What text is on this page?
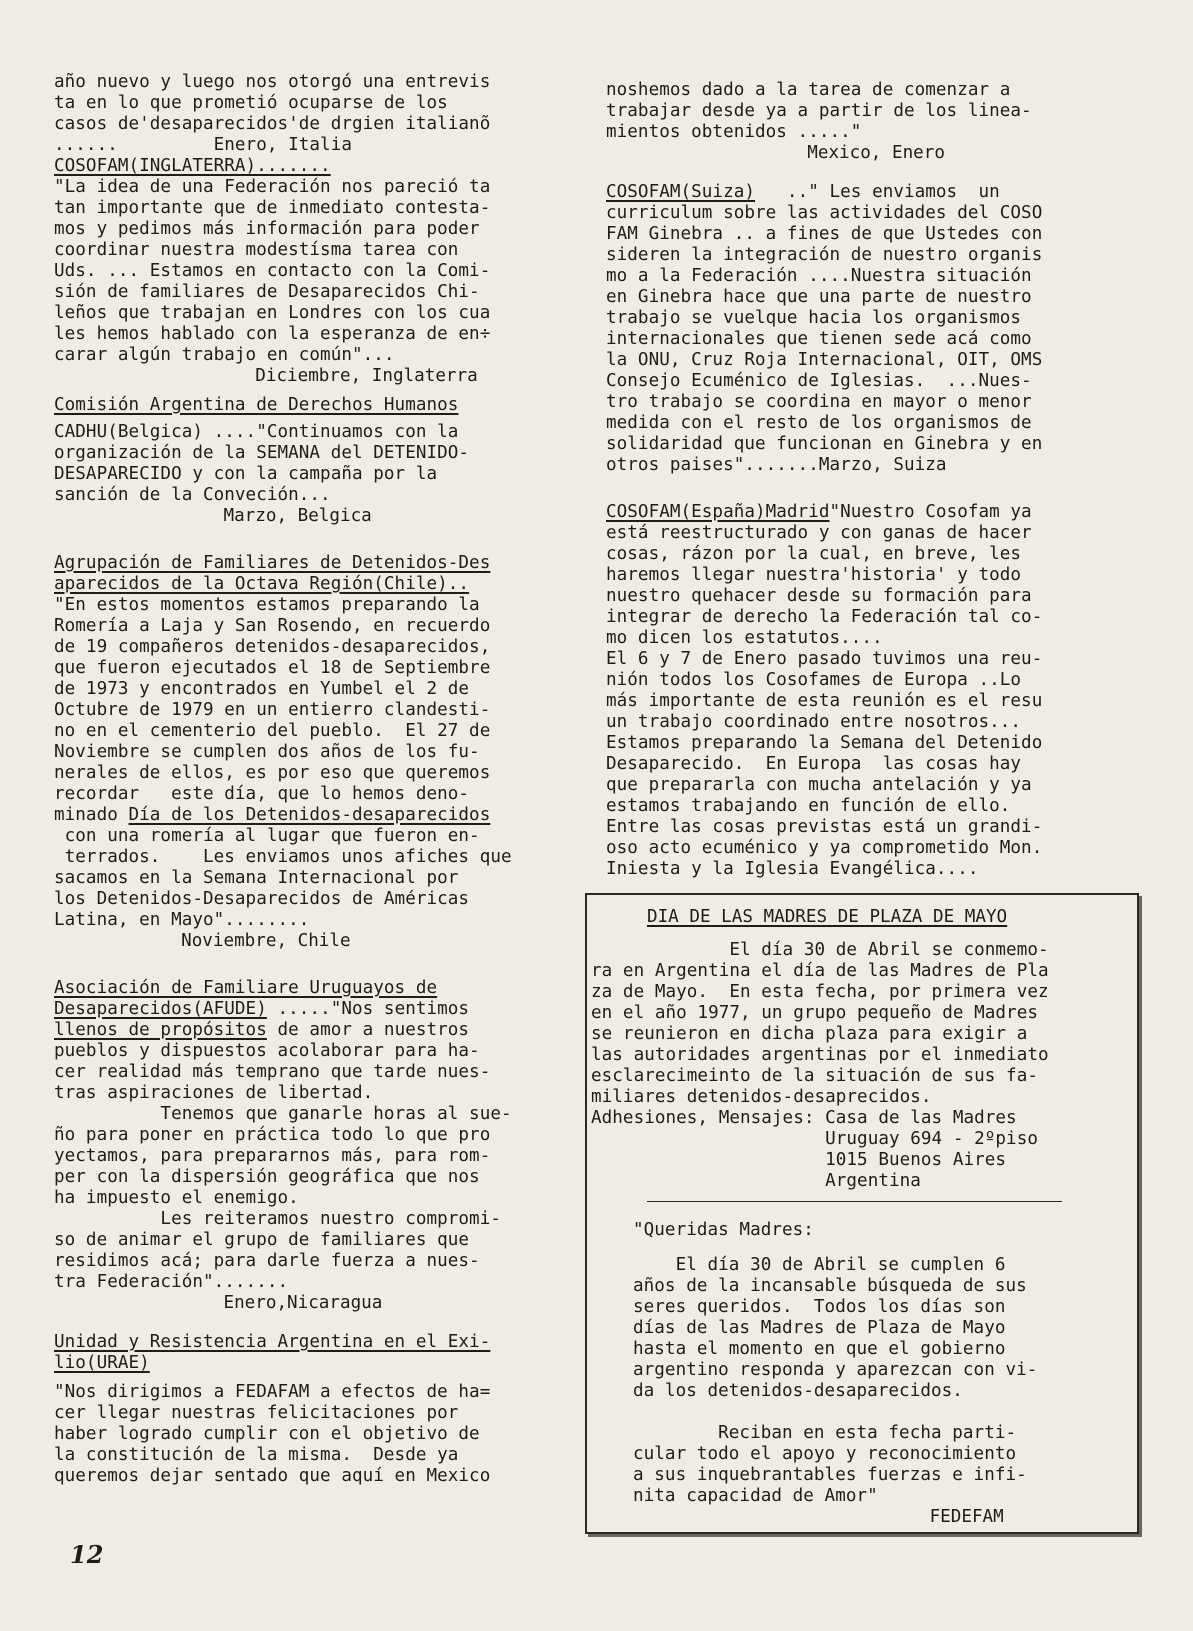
año nuevo y luego nos otorgó una entrevis

ta en lo que prometió ocuparse de los

casos de'desaparecidos'de drgien italianõ

......         Enero, Italia

COSOFAM(INGLATERRA).......

"La idea de una Federación nos pareció ta

tan importante que de inmediato contesta-

mos y pedimos más información para poder

coordinar nuestra modestísma tarea con

Uds. ... Estamos en contacto con la Comi-

sión de familiares de Desaparecidos Chi-

leños que trabajan en Londres con los cua

les hemos hablado con la esperanza de en÷

carar algún trabajo en común"...

Diciembre, Inglaterra

Comisión Argentina de Derechos Humanos

CADHU(Belgica) ...."Continuamos con la

organización de la SEMANA del DETENIDO-

DESAPARECIDO y con la campaña por la

sanción de la Conveción...

Marzo, Belgica

Agrupación de Familiares de Detenidos-Des

aparecidos de la Octava Región(Chile)..

"En estos momentos estamos preparando la

Romería a Laja y San Rosendo, en recuerdo

de 19 compañeros detenidos-desaparecidos,

que fueron ejecutados el 18 de Septiembre

de 1973 y encontrados en Yumbel el 2 de

Octubre de 1979 en un entierro clandesti-

no en el cementerio del pueblo.  El 27 de

Noviembre se cumplen dos años de los fu-

nerales de ellos, es por eso que queremos

recordar   este día, que lo hemos deno-

minado Día de los Detenidos-desaparecidos

con una romería al lugar que fueron en-

terrados.    Les enviamos unos afiches que

sacamos en la Semana Internacional por

los Detenidos-Desaparecidos de Américas

Latina, en Mayo"........

Noviembre, Chile

Asociación de Familiare Uruguayos de

Desaparecidos(AFUDE) ....."Nos sentimos

llenos de propósitos de amor a nuestros

pueblos y dispuestos acolaborar para ha-

cer realidad más temprano que tarde nues-

tras aspiraciones de libertad.

Tenemos que ganarle horas al sue-

ño para poner en práctica todo lo que pro

yectamos, para prepararnos más, para rom-

per con la dispersión geográfica que nos

ha impuesto el enemigo.

Les reiteramos nuestro compromi-

so de animar el grupo de familiares que

residimos acá; para darle fuerza a nues-

tra Federación".......

Enero,Nicaragua

Unidad y Resistencia Argentina en el Exi-

lio(URAE)

"Nos dirigimos a FEDAFAM a efectos de ha=

cer llegar nuestras felicitaciones por

haber logrado cumplir con el objetivo de

la constitución de la misma.  Desde ya

queremos dejar sentado que aquí en Mexico

noshemos dado a la tarea de comenzar a

trabajar desde ya a partir de los linea-

mientos obtenidos ....."

Mexico, Enero

COSOFAM(Suiza)   .." Les enviamos  un

curriculum sobre las actividades del COSO

FAM Ginebra .. a fines de que Ustedes con

sideren la integración de nuestro organis

mo a la Federación ....Nuestra situación

en Ginebra hace que una parte de nuestro

trabajo se vuelque hacia los organismos

internacionales que tienen sede acá como

la ONU, Cruz Roja Internacional, OIT, OMS

Consejo Ecuménico de Iglesias.  ...Nues-

tro trabajo se coordina en mayor o menor

medida con el resto de los organismos de

solidaridad que funcionan en Ginebra y en

otros paises".......Marzo, Suiza

COSOFAM(España)Madrid"Nuestro Cosofam ya

está reestructurado y con ganas de hacer

cosas, rázon por la cual, en breve, les

haremos llegar nuestra'historia' y todo

nuestro quehacer desde su formación para

integrar de derecho la Federación tal co-

mo dicen los estatutos....

El 6 y 7 de Enero pasado tuvimos una reu-

nión todos los Cosofames de Europa ..Lo

más importante de esta reunión es el resu

un trabajo coordinado entre nosotros...

Estamos preparando la Semana del Detenido

Desaparecido.  En Europa  las cosas hay

que prepararla con mucha antelación y ya

estamos trabajando en función de ello.

Entre las cosas previstas está un grandi-

oso acto ecuménico y ya comprometido Mon.

Iniesta y la Iglesia Evangélica....

DIA DE LAS MADRES DE PLAZA DE MAYO

El día 30 de Abril se conmemo-

ra en Argentina el día de las Madres de Pla

za de Mayo.  En esta fecha, por primera vez

en el año 1977, un grupo pequeño de Madres

se reunieron en dicha plaza para exigir a

las autoridades argentinas por el inmediato

esclarecimeinto de la situación de sus fa-

miliares detenidos-desaprecidos.

Adhesiones, Mensajes: Casa de las Madres

Uruguay 694 - 2ºpiso

1015 Buenos Aires

Argentina

"Queridas Madres:

El día 30 de Abril se cumplen 6

años de la incansable búsqueda de sus

seres queridos.  Todos los días son

días de las Madres de Plaza de Mayo

hasta el momento en que el gobierno

argentino responda y aparezcan con vi-

da los detenidos-desaparecidos.

Reciban en esta fecha parti-

cular todo el apoyo y reconocimiento

a sus inquebrantables fuerzas e infi-

nita capacidad de Amor"

FEDEFAM

12
